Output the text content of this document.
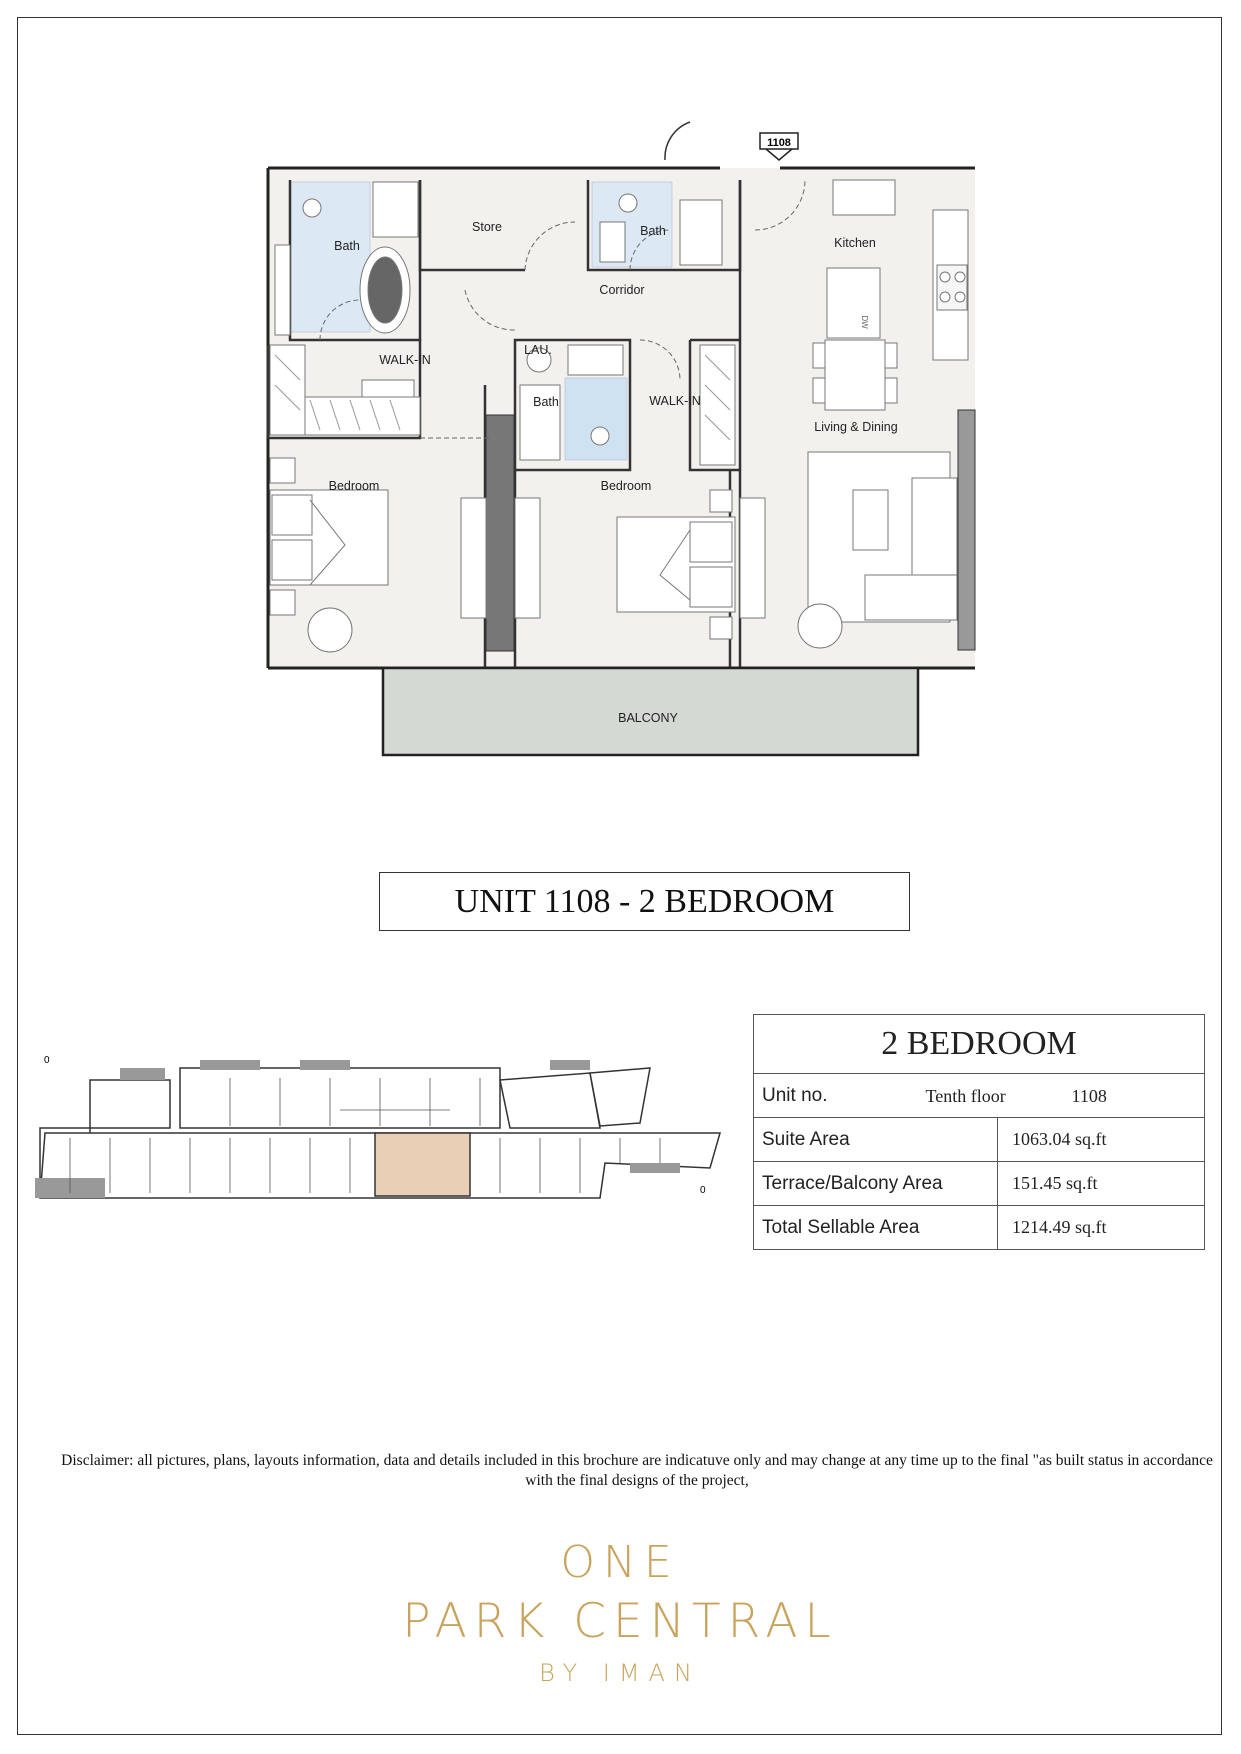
1108
Bath
Store	Bath
Kitchen
Corridor
WALK-IN
LAU.
Bath	WALK-IN
Living & Dining
Bedroom	Bedroom
BALCONY
DW
UNIT 1108 - 2 BEDROOM
0
0
2 BEDROOM	
Unit no. Tenth floor 1108	

Suite Area	1063.04 sq.ft
Terrace/Balcony Area	151.45 sq.ft
Total Sellable Area	1214.49 sq.ft
Disclaimer: all pictures, plans, layouts information, data and details included in this brochure are indicatuve only and may change at any time up to the final "as built status in accordance with the final designs of the project,
ONE
PARK CENTRAL
BY IMAN
